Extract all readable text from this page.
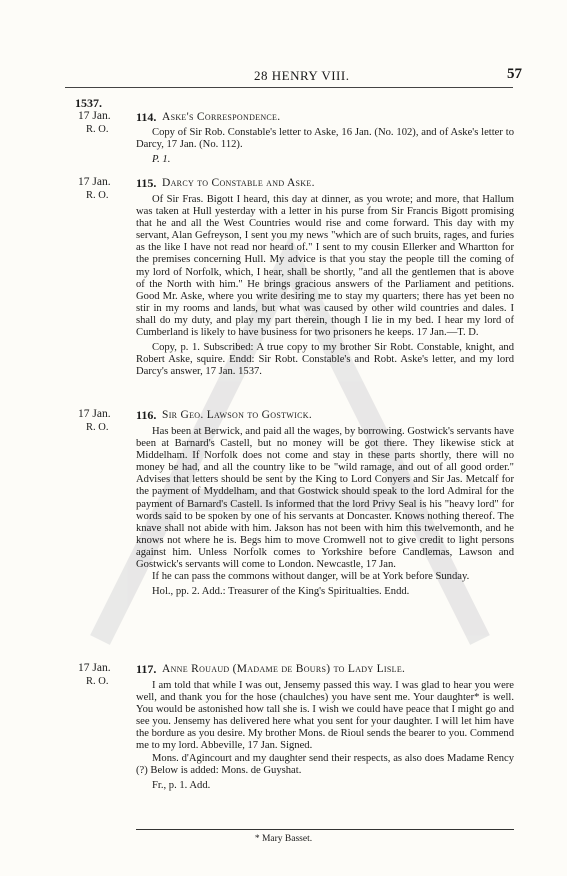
28 HENRY VIII.	57
1537.
17 Jan. 114. Aske's Correspondence.
R. O.	Copy of Sir Rob. Constable's letter to Aske, 16 Jan. (No. 102), and of Aske's letter to Darcy, 17 Jan. (No. 112).

P. 1.

17 Jan. 115. Darcy to Constable and Aske.
R. O.	Of Sir Fras. Bigott I heard, this day at dinner, as you wrote; and more, that Hallum was taken at Hull yesterday with a letter in his purse from Sir Francis Bigott promising that he and all the West Countries would rise and come forward. This day with my servant, Alan Gefreyson, I sent you my news "which are of such bruits, rages, and furies as the like I have not read nor heard of." I sent to my cousin Ellerker and Whartton for the premises concerning Hull. My advice is that you stay the people till the coming of my lord of Norfolk, which, I hear, shall be shortly, "and all the gentlemen that is above of the North with him." He brings gracious answers of the Parliament and petitions. Good Mr. Aske, where you write desiring me to stay my quarters; there has yet been no stir in my rooms and lands, but what was caused by other wild countries and dales. I shall do my duty, and play my part therein, though I lie in my bed. I hear my lord of Cumberland is likely to have business for two prisoners he keeps. 17 Jan.—T. D.

Copy, p. 1. Subscribed: A true copy to my brother Sir Robt. Constable, knight, and Robert Aske, squire. Endd: Sir Robt. Constable's and Robt. Aske's letter, and my lord Darcy's answer, 17 Jan. 1537.

17 Jan. 116. Sir Geo. Lawson to Gostwick.
R. O.	Has been at Berwick, and paid all the wages, by borrowing. Gostwick's servants have been at Barnard's Castell, but no money will be got there. They likewise stick at Middelham. If Norfolk does not come and stay in these parts shortly, there will no money be had, and all the country like to be "wild ramage, and out of all good order." Advises that letters should be sent by the King to Lord Conyers and Sir Jas. Metcalf for the payment of Myddelham, and that Gostwick should speak to the lord Admiral for the payment of Barnard's Castell. Is informed that the lord Privy Seal is his "heavy lord" for words said to be spoken by one of his servants at Doncaster. Knows nothing thereof. The knave shall not abide with him. Jakson has not been with him this twelvemonth, and he knows not where he is. Begs him to move Cromwell not to give credit to light persons against him. Unless Norfolk comes to Yorkshire before Candlemas, Lawson and Gostwick's servants will come to London. Newcastle, 17 Jan.

If he can pass the commons without danger, will be at York before Sunday.

Hol., pp. 2. Add.: Treasurer of the King's Spiritualties. Endd.

17 Jan. 117. Anne Rouaud (Madame de Bours) to Lady Lisle.
R. O.	I am told that while I was out, Jensemy passed this way. I was glad to hear you were well, and thank you for the hose (chaulches) you have sent me. Your daughter* is well. You would be astonished how tall she is. I wish we could have peace that I might go and see you. Jensemy has delivered here what you sent for your daughter. I will let him have the bordure as you desire. My brother Mons. de Rioul sends the bearer to you. Commend me to my lord. Abbeville, 17 Jan. Signed.

Mons. d'Agincourt and my daughter send their respects, as also does Madame Rency (?) Below is added: Mons. de Guyshat.

Fr., p. 1. Add.

* Mary Basset.
